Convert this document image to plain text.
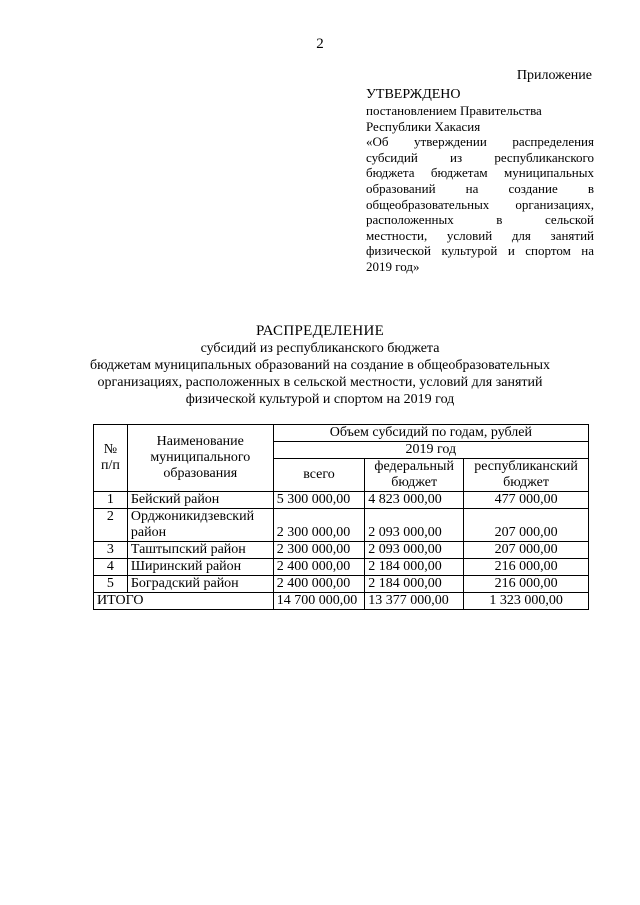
2
Приложение
УТВЕРЖДЕНО
постановлением Правительства
Республики Хакасия
«Об утверждении распределения
субсидий из республиканского
бюджета бюджетам муниципальных
образований на создание в
общеобразовательных организациях,
расположенных в сельской
местности, условий для занятий
физической культурой и спортом на
2019 год»
РАСПРЕДЕЛЕНИЕ
субсидий из республиканского бюджета
бюджетам муниципальных образований на создание в общеобразовательных
организациях, расположенных в сельской местности, условий для занятий
физической культурой и спортом на 2019 год
№ п/п	Наименование муниципального образования	Объем субсидий по годам, рублей		
		2019 год		
		всего	федеральный бюджет	республиканский бюджет
1	Бейский район	5 300 000,00	4 823 000,00	477 000,00
2	Орджоникидзевский район	2 300 000,00	2 093 000,00	207 000,00
3	Таштыпский район	2 300 000,00	2 093 000,00	207 000,00
4	Ширинский район	2 400 000,00	2 184 000,00	216 000,00
5	Боградский район	2 400 000,00	2 184 000,00	216 000,00
ИТОГО		14 700 000,00	13 377 000,00	1 323 000,00
